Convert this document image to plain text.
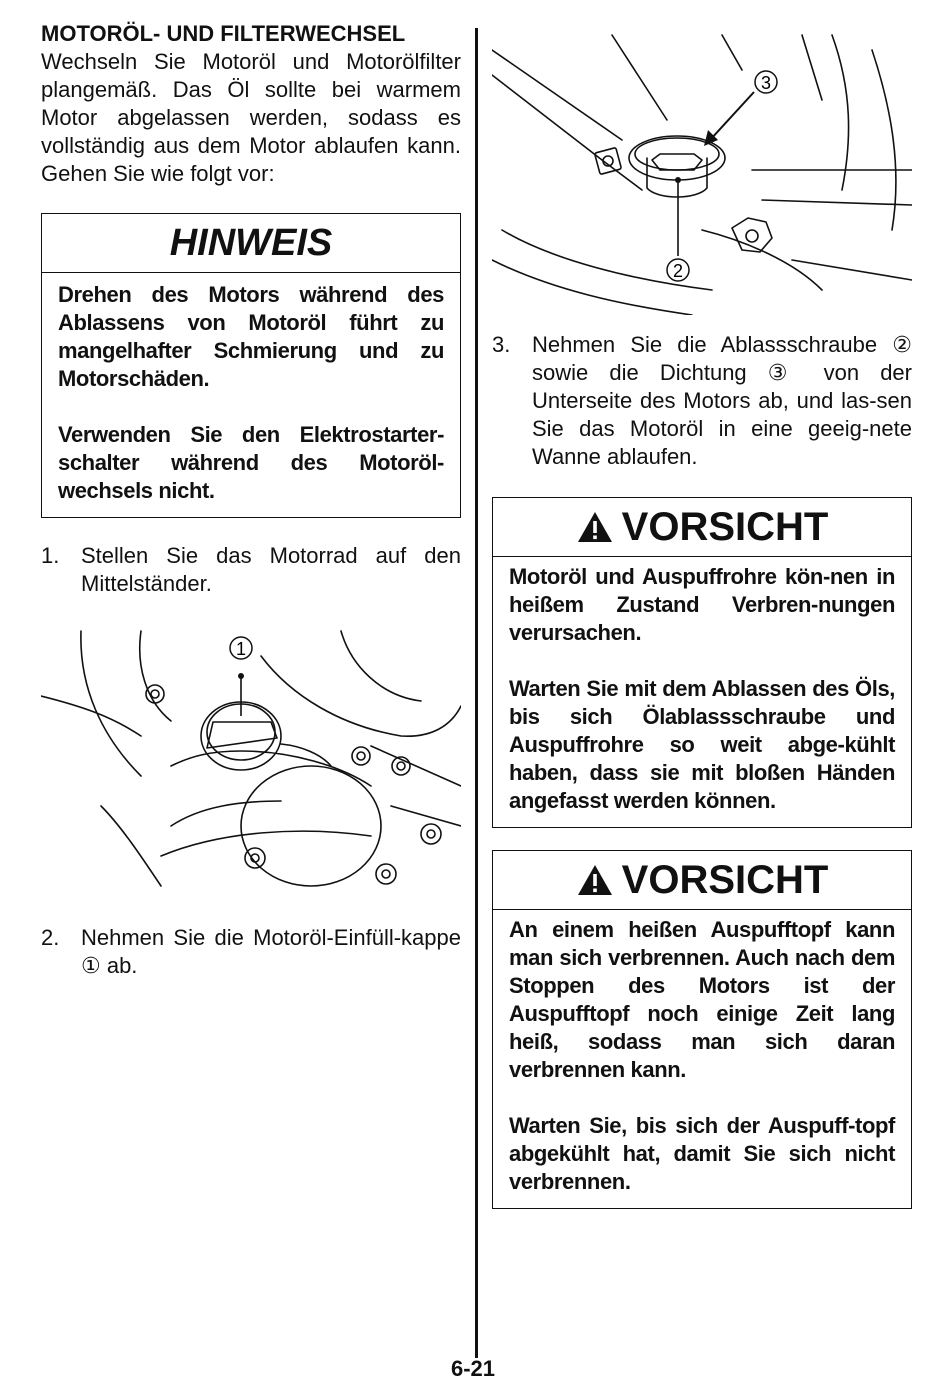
MOTORÖL- UND FILTERWECHSEL

Wechseln Sie Motoröl und Motorölfilter plangemäß. Das Öl sollte bei warmem Motor abgelassen werden, sodass es vollständig aus dem Motor ablaufen kann. Gehen Sie wie folgt vor:

HINWEIS

Drehen des Motors während des Ablassens von Motoröl führt zu mangelhafter Schmierung und zu Motorschäden.

Verwenden Sie den Elektrostarter-schalter während des Motoröl-wechsels nicht.

1. Stellen Sie das Motorrad auf den Mittelständer.
1
2. Nehmen Sie die Motoröl-Einfüll-kappe ① ab.
2
3
3. Nehmen Sie die Ablassschraube ② sowie die Dichtung ③ von der Unterseite des Motors ab, und las-sen Sie das Motoröl in eine geeig-nete Wanne ablaufen.
VORSICHT

Motoröl und Auspuffrohre kön-nen in heißem Zustand Verbren-nungen verursachen.

Warten Sie mit dem Ablassen des Öls, bis sich Ölablassschraube und Auspuffrohre so weit abge-kühlt haben, dass sie mit bloßen Händen angefasst werden können.

VORSICHT

An einem heißen Auspufftopf kann man sich verbrennen. Auch nach dem Stoppen des Motors ist der Auspufftopf noch einige Zeit lang heiß, sodass man sich daran verbrennen kann.

Warten Sie, bis sich der Auspuff-topf abgekühlt hat, damit Sie sich nicht verbrennen.

6-21
